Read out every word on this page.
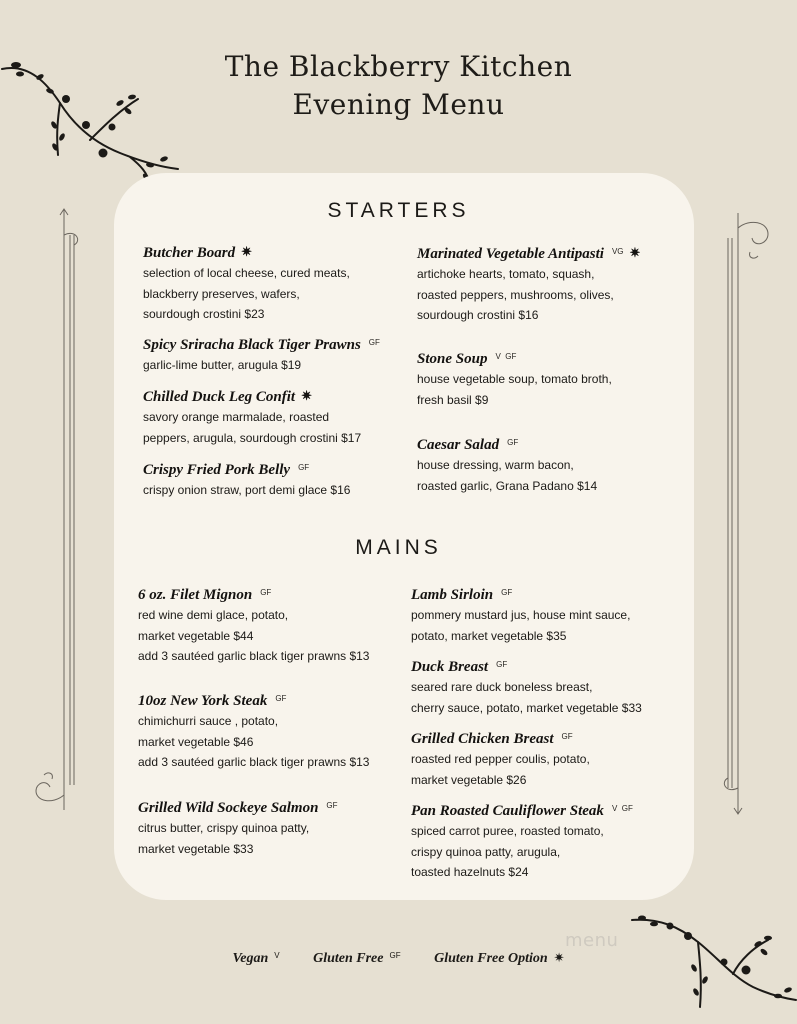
The Blackberry Kitchen
Evening Menu
STARTERS
Butcher Board ✷
selection of local cheese, cured meats,
blackberry preserves, wafers,
sourdough crostini $23
Spicy Sriracha Black Tiger Prawns $^{GF}$
garlic-lime butter, arugula $19
Chilled Duck Leg Confit ✷
savory orange marmalade, roasted
peppers, arugula, sourdough crostini $17
Crispy Fried Pork Belly $^{GF}$
crispy onion straw, port demi glace $16
Marinated Vegetable Antipasti $^{VG}$ ✷
artichoke hearts, tomato, squash,
roasted peppers, mushrooms, olives,
sourdough crostini $16
Stone Soup $^{V GF}$
house vegetable soup, tomato broth,
fresh basil $9
Caesar Salad $^{GF}$
house dressing, warm bacon,
roasted garlic, Grana Padano $14
MAINS
6 oz. Filet Mignon $^{GF}$
red wine demi glace, potato,
market vegetable $44
add 3 sautéed garlic black tiger prawns $13
10oz New York Steak $^{GF}$
chimichurri sauce , potato,
market vegetable $46
add 3 sautéed garlic black tiger prawns $13
Grilled Wild Sockeye Salmon $^{GF}$
citrus butter, crispy quinoa patty,
market vegetable $33
Lamb Sirloin $^{GF}$
pommery mustard jus, house mint sauce,
potato, market vegetable $35
Duck Breast $^{GF}$
seared rare duck boneless breast,
cherry sauce, potato, market vegetable $33
Grilled Chicken Breast $^{GF}$
roasted red pepper coulis, potato,
market vegetable $26
Pan Roasted Cauliflower Steak $^{V GF}$
spiced carrot puree, roasted tomato,
crispy quinoa patty, arugula,
toasted hazelnuts $24
Vegan $^V$ Gluten Free $^{GF}$ Gluten Free Option ✷
menu
